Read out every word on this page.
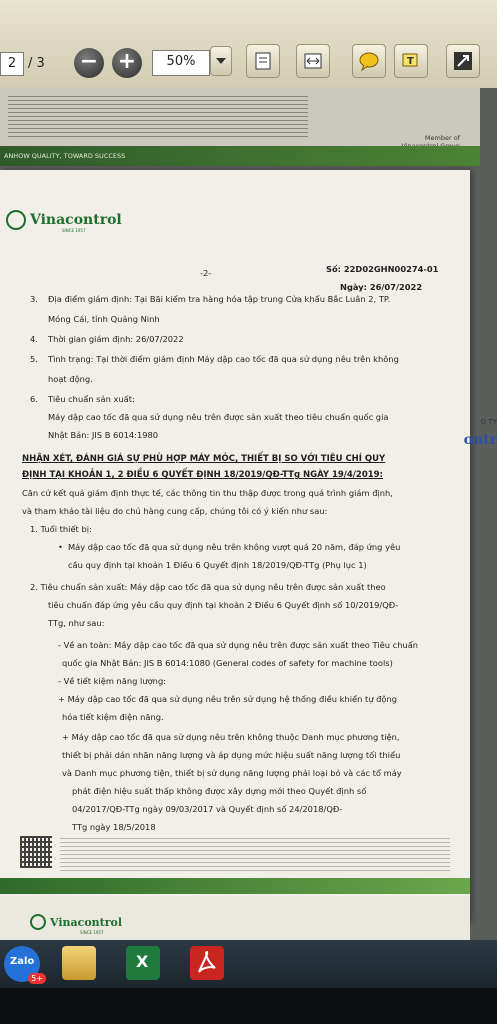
2 / 3 − +	50%	T
Member of
ANHOW QUALITY, TOWARD SUCCESS
Vinacontrol
SINCE 1957
-2-	Số: 22D02GHN00274-01
Ngày: 26/07/2022
3. Địa điểm giám định: Tại Bãi kiểm tra hàng hóa tập trung Cửa khẩu Bắc Luân 2, TP.
Móng Cái, tỉnh Quảng Ninh
4. Thời gian giám định: 26/07/2022
5. Tình trạng: Tại thời điểm giám định Máy dập cao tốc đã qua sử dụng nêu trên không
hoạt động.
6. Tiêu chuẩn sản xuất:
Máy dập cao tốc đã qua sử dụng nêu trên được sản xuất theo tiêu chuẩn quốc gia
Nhật Bản: JIS B 6014:1980
NHẬN XÉT, ĐÁNH GIÁ SỰ PHÙ HỢP MÁY MÓC, THIẾT BỊ SO VỚI TIÊU CHÍ QUY
ĐỊNH TẠI KHOẢN 1, 2 ĐIỀU 6 QUYẾT ĐỊNH 18/2019/QĐ-TTg NGÀY 19/4/2019:
Căn cứ kết quả giám định thực tế, các thông tin thu thập được trong quá trình giám định,
và tham khảo tài liệu do chủ hàng cung cấp, chúng tôi có ý kiến như sau:
1. Tuổi thiết bị:
• Máy dập cao tốc đã qua sử dụng nêu trên không vượt quá 20 năm, đáp ứng yêu
cầu quy định tại khoản 1 Điều 6 Quyết định 18/2019/QĐ-TTg (Phụ lục 1)
2. Tiêu chuẩn sản xuất: Máy dập cao tốc đã qua sử dụng nêu trên được sản xuất theo
tiêu chuẩn đáp ứng yêu cầu quy định tại khoản 2 Điều 6 Quyết định số 10/2019/QĐ-
TTg, như sau:
- Về an toàn: Máy dập cao tốc đã qua sử dụng nêu trên được sản xuất theo Tiêu chuẩn
quốc gia Nhật Bản: JIS B 6014:1080 (General codes of safety for machine tools)
- Về tiết kiệm năng lượng:
+ Máy dập cao tốc đã qua sử dụng nêu trên sử dụng hệ thống điều khiển tự động
hóa tiết kiệm điện năng.
+ Máy dập cao tốc đã qua sử dụng nêu trên không thuộc Danh mục phương tiện,
thiết bị phải dán nhãn năng lượng và áp dụng mức hiệu suất năng lượng tối thiểu
và Danh mục phương tiện, thiết bị sử dụng năng lượng phải loại bỏ và các tổ máy
phát điện hiệu suất thấp không được xây dựng mới theo Quyết định số
04/2017/QĐ-TTg ngày 09/03/2017 và Quyết định số 24/2018/QĐ-
TTg ngày 18/5/2018
G TY
ontr
Vinacontrol
SINCE 1957
Zalo
5+
X
